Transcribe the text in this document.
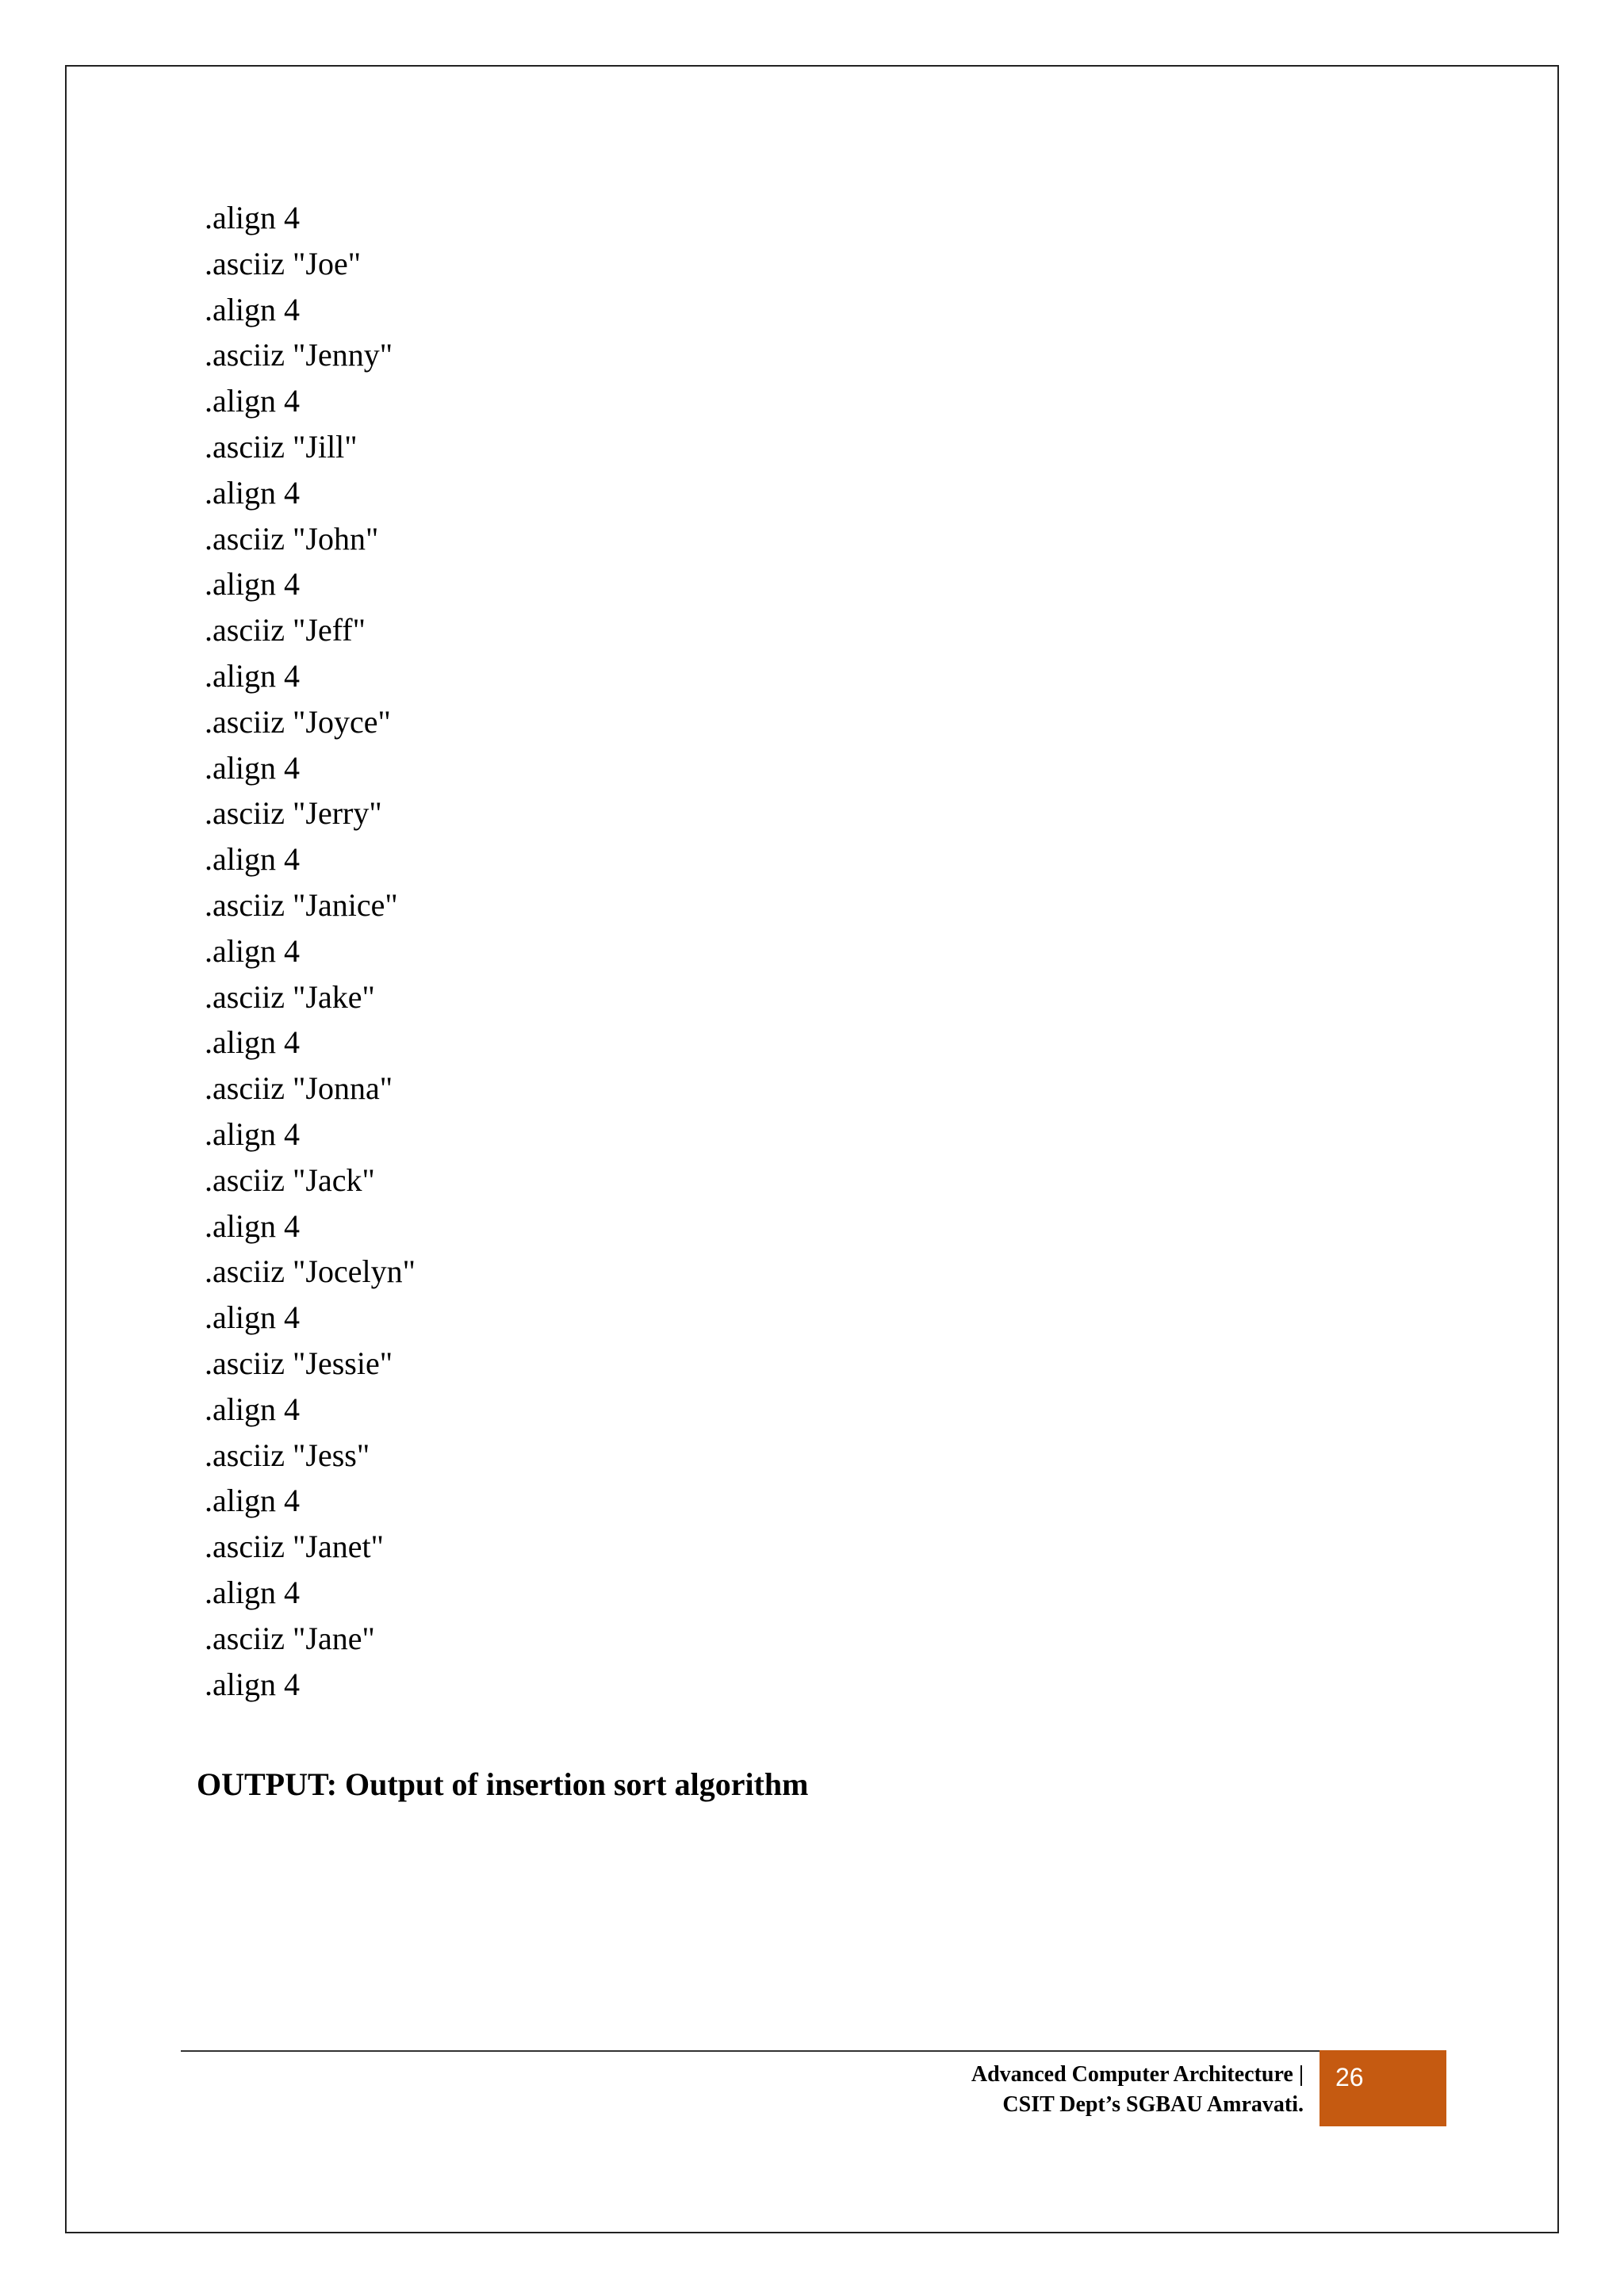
.align 4
.asciiz "Joe"
.align 4
.asciiz "Jenny"
.align 4
.asciiz "Jill"
.align 4
.asciiz "John"
.align 4
.asciiz "Jeff"
.align 4
.asciiz "Joyce"
.align 4
.asciiz "Jerry"
.align 4
.asciiz "Janice"
.align 4
.asciiz "Jake"
.align 4
.asciiz "Jonna"
.align 4
.asciiz "Jack"
.align 4
.asciiz "Jocelyn"
.align 4
.asciiz "Jessie"
.align 4
.asciiz "Jess"
.align 4
.asciiz "Janet"
.align 4
.asciiz "Jane"
.align 4
OUTPUT: Output of insertion sort algorithm
Advanced Computer Architecture |
CSIT Dept’s SGBAU Amravati.
26
